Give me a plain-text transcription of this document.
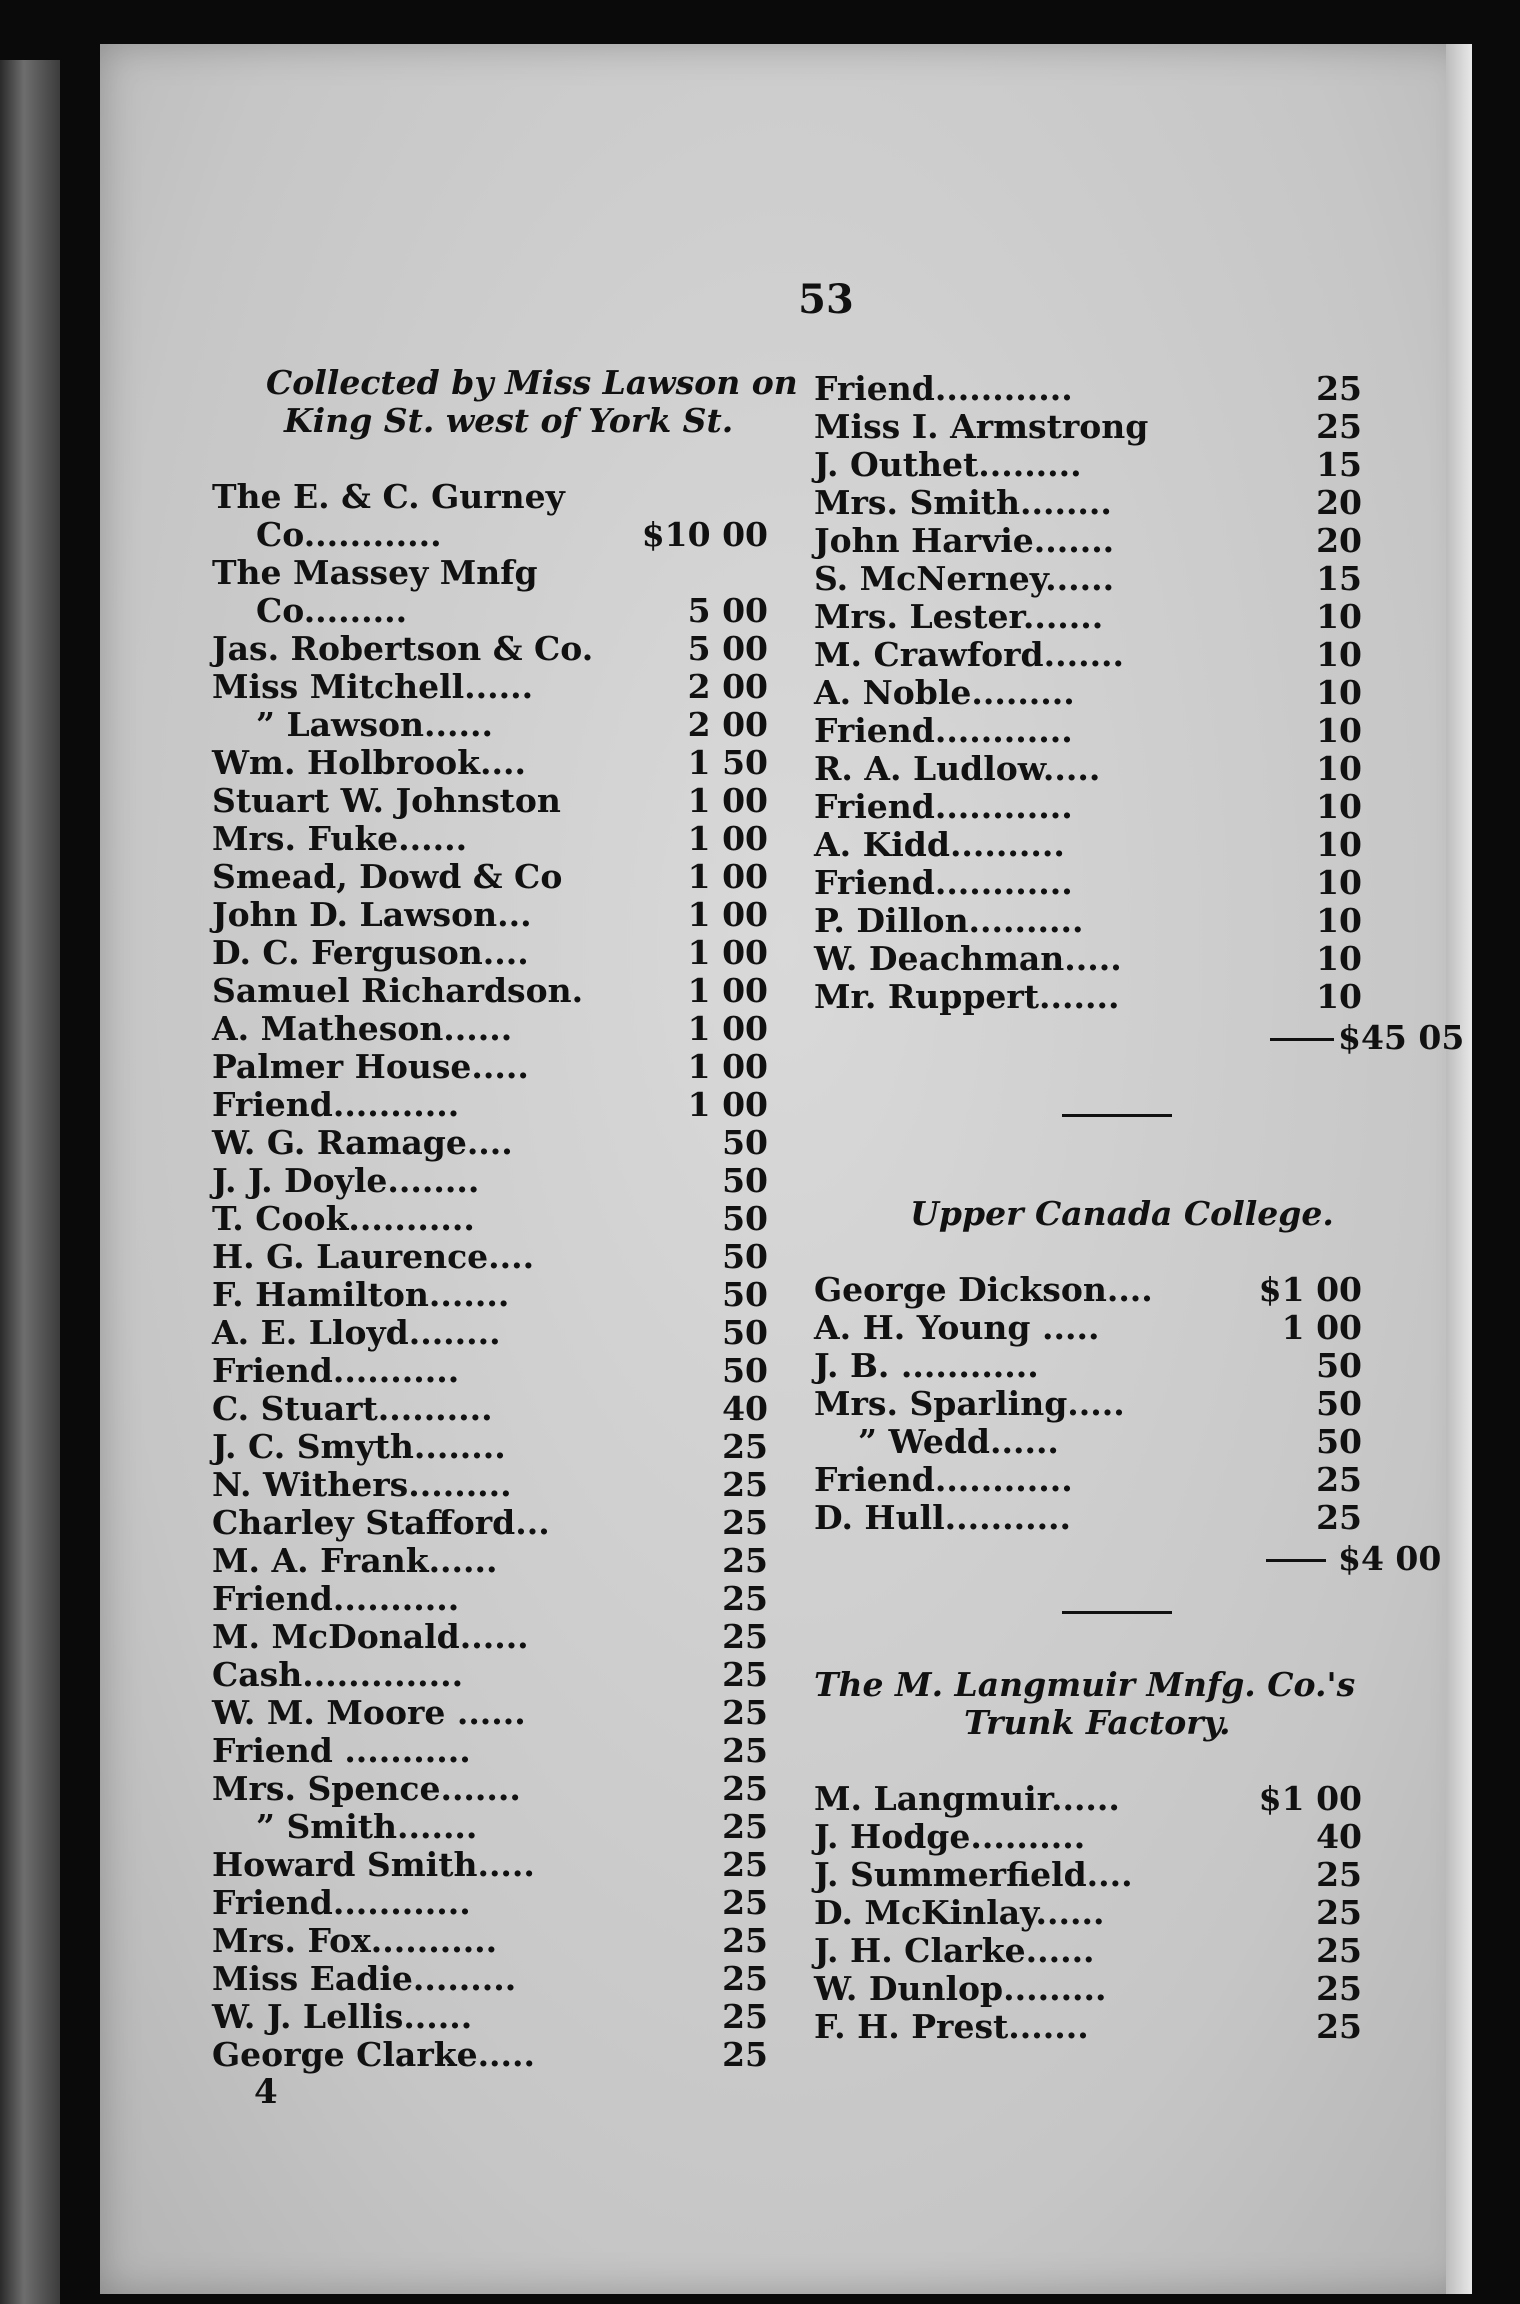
53
Collected by Miss Lawson on
King St. west of York St.
The E. & C. Gurney
Co............	$10 00
The Massey Mnfg
Co.........	5 00
Jas. Robertson & Co.	5 00
Miss Mitchell......	2 00
” Lawson......	2 00
Wm. Holbrook....	1 50
Stuart W. Johnston	1 00
Mrs. Fuke......	1 00
Smead, Dowd & Co	1 00
John D. Lawson...	1 00
D. C. Ferguson....	1 00
Samuel Richardson.	1 00
A. Matheson......	1 00
Palmer House.....	1 00
Friend...........	1 00
W. G. Ramage....	50
J. J. Doyle........	50
T. Cook...........	50
H. G. Laurence....	50
F. Hamilton.......	50
A. E. Lloyd........	50
Friend...........	50
C. Stuart..........	40
J. C. Smyth........	25
N. Withers.........	25
Charley Stafford...	25
M. A. Frank......	25
Friend...........	25
M. McDonald......	25
Cash..............	25
W. M. Moore ......	25
Friend ...........	25
Mrs. Spence.......	25
” Smith.......	25
Howard Smith.....	25
Friend............	25
Mrs. Fox...........	25
Miss Eadie.........	25
W. J. Lellis......	25
George Clarke.....	25
4
Friend............	25
Miss I. Armstrong	25
J. Outhet.........	15
Mrs. Smith........	20
John Harvie.......	20
S. McNerney......	15
Mrs. Lester.......	10
M. Crawford.......	10
A. Noble.........	10
Friend............	10
R. A. Ludlow.....	10
Friend............	10
A. Kidd..........	10
Friend............	10
P. Dillon..........	10
W. Deachman.....	10
Mr. Ruppert.......	10
$45 05
Upper Canada College.
George Dickson....	$1 00
A. H. Young .....	1 00
J. B. ............	50
Mrs. Sparling.....	50
” Wedd......	50
Friend............	25
D. Hull...........	25
$4 00
The M. Langmuir Mnfg. Co.'s
Trunk Factory.
M. Langmuir......	$1 00
J. Hodge..........	40
J. Summerfield....	25
D. McKinlay......	25
J. H. Clarke......	25
W. Dunlop.........	25
F. H. Prest.......	25
